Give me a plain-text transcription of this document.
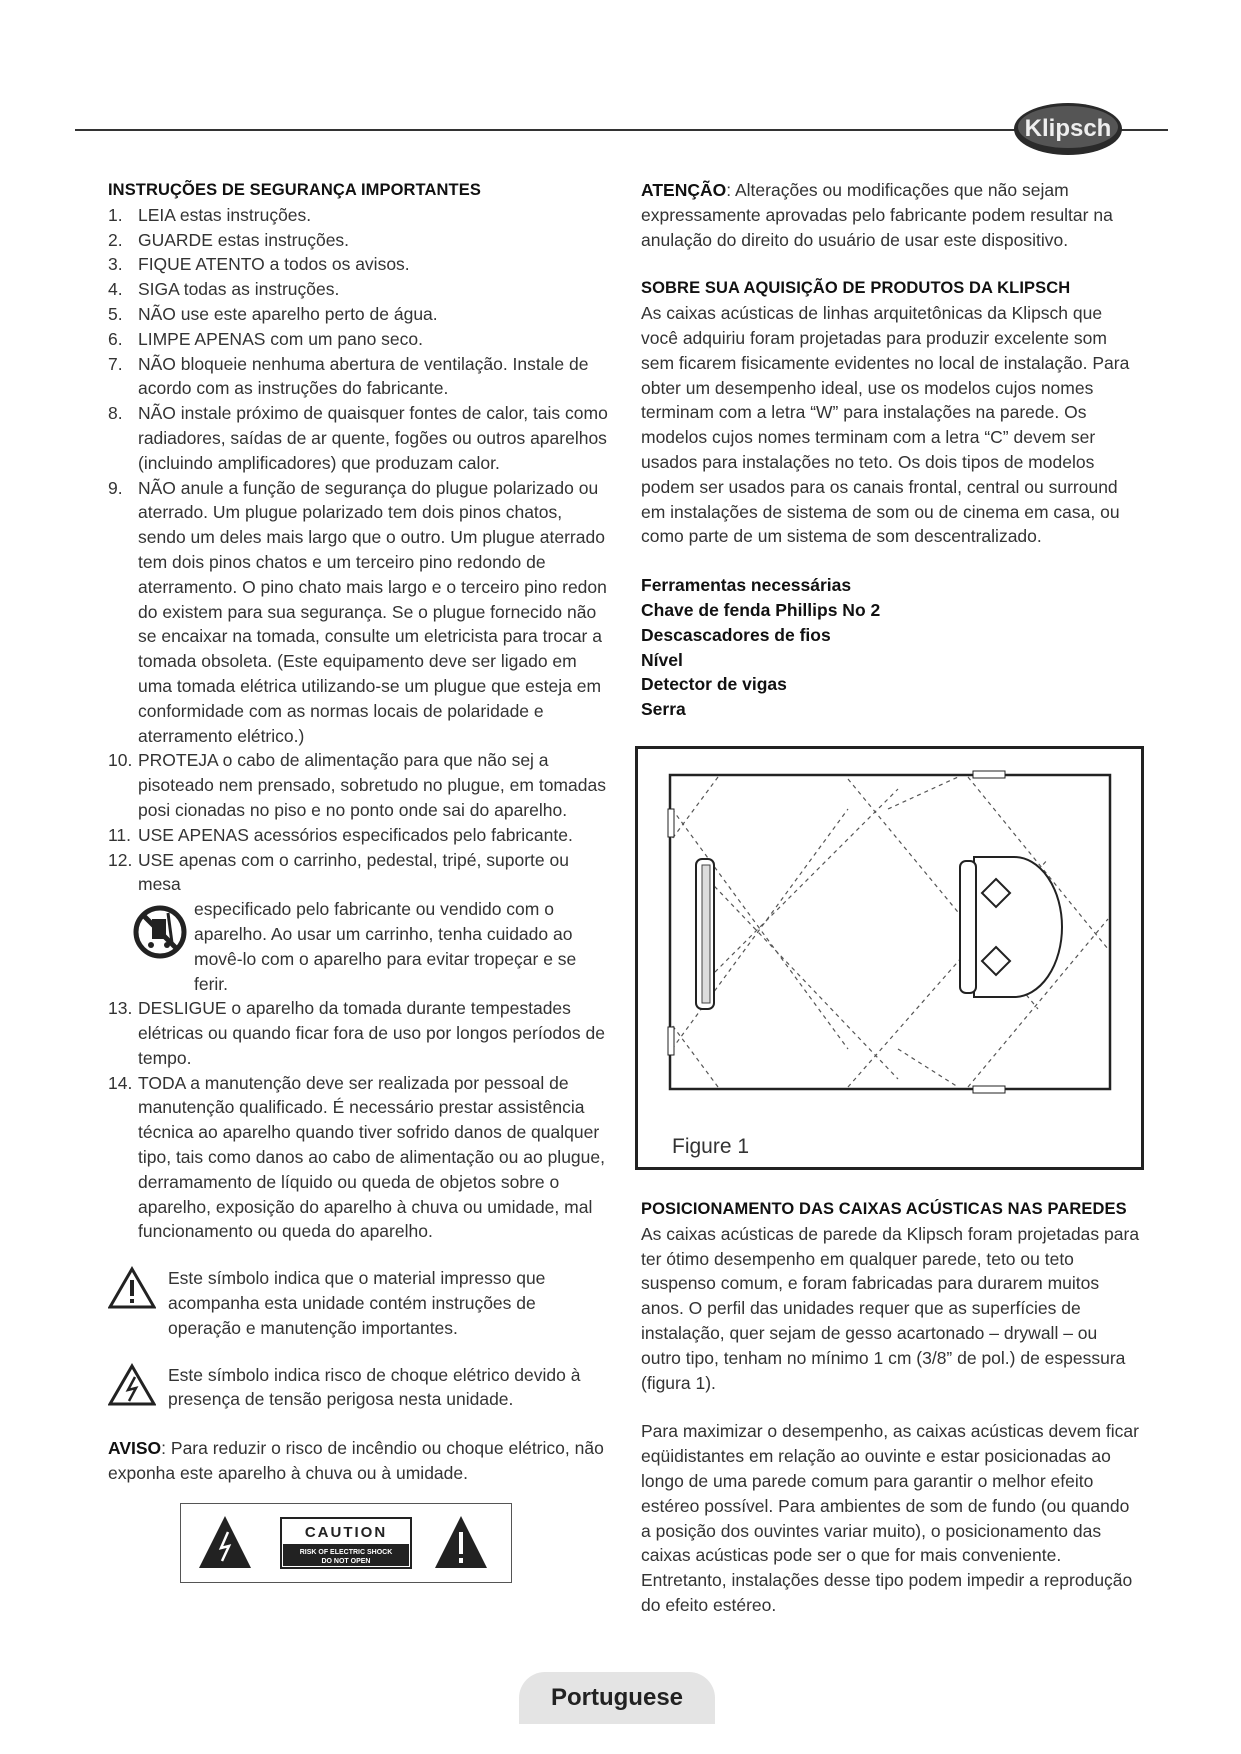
Klipsch
INSTRUÇÕES DE SEGURANÇA IMPORTANTES
1. LEIA estas instruções.
2. GUARDE estas instruções.
3. FIQUE ATENTO a todos os avisos.
4. SIGA todas as instruções.
5. NÃO use este aparelho perto de água.
6. LIMPE APENAS com um pano seco.
7. NÃO bloqueie nenhuma abertura de ventilação. Instale de acordo com as instruções do fabricante.
8. NÃO instale próximo de quaisquer fontes de calor, tais como radiadores, saídas de ar quente, fogões ou outros aparelhos (incluindo amplificadores) que produzam calor.
9. NÃO anule a função de segurança do plugue polarizado ou aterrado. Um plugue polarizado tem dois pinos chatos, sendo um deles mais largo que o outro. Um plugue aterrado tem dois pinos chatos e um terceiro pino redondo de aterramento. O pino chato mais largo e o terceiro pino redon do existem para sua segurança. Se o plugue fornecido não se encaixar na tomada, consulte um eletricista para trocar a tomada obsoleta. (Este equipamento deve ser ligado em uma tomada elétrica utilizando-se um plugue que esteja em conformidade com as normas locais de polaridade e aterramento elétrico.)
10. PROTEJA o cabo de alimentação para que não sej a pisoteado nem prensado, sobretudo no plugue, em tomadas posi cionadas no piso e no ponto onde sai do aparelho.
11. USE APENAS acessórios especificados pelo fabricante.
12. USE apenas com o carrinho, pedestal, tripé, suporte ou mesa
especificado pelo fabricante ou vendido com o aparelho. Ao usar um carrinho, tenha cuidado ao movê-lo com o aparelho para evitar tropeçar e se ferir.
13. DESLIGUE o aparelho da tomada durante tempestades elétricas ou quando ficar fora de uso por longos períodos de tempo.
14. TODA a manutenção deve ser realizada por pessoal de manutenção qualificado. É necessário prestar assistência técnica ao aparelho quando tiver sofrido danos de qualquer tipo, tais como danos ao cabo de alimentação ou ao plugue, derramamento de líquido ou queda de objetos sobre o aparelho, exposição do aparelho à chuva ou umidade, mal funcionamento ou queda do aparelho.

Este símbolo indica que o material impresso que acompanha esta unidade contém instruções de operação e manutenção importantes.

Este símbolo indica risco de choque elétrico devido à presença de tensão perigosa nesta unidade.

AVISO: Para reduzir o risco de incêndio ou choque elétrico, não exponha este aparelho à chuva ou à umidade.

CAUTION
RISK OF ELECTRIC SHOCK
DO NOT OPEN

ATENÇÃO: Alterações ou modificações que não sejam expressamente aprovadas pelo fabricante podem resultar na anulação do direito do usuário de usar este dispositivo.

SOBRE SUA AQUISIÇÃO DE PRODUTOS DA KLIPSCH

As caixas acústicas de linhas arquitetônicas da Klipsch que você adquiriu foram projetadas para produzir excelente som sem ficarem fisicamente evidentes no local de instalação. Para obter um desempenho ideal, use os modelos cujos nomes terminam com a letra “W” para instalações na parede. Os modelos cujos nomes terminam com a letra “C” devem ser usados para instalações no teto. Os dois tipos de modelos podem ser usados para os canais frontal, central ou surround em instalações de sistema de som ou de cinema em casa, ou como parte de um sistema de som descentralizado.

Ferramentas necessárias
Chave de fenda Phillips No 2
Descascadores de fios
Nível
Detector de vigas
Serra
Figure 1
POSICIONAMENTO DAS CAIXAS ACÚSTICAS NAS PAREDES

As caixas acústicas de parede da Klipsch foram projetadas para ter ótimo desempenho em qualquer parede, teto ou teto suspenso comum, e foram fabricadas para durarem muitos anos. O perfil das unidades requer que as superfícies de instalação, quer sejam de gesso acartonado – drywall – ou outro tipo, tenham no mínimo 1 cm (3/8” de pol.) de espessura (figura 1).

Para maximizar o desempenho, as caixas acústicas devem ficar eqüidistantes em relação ao ouvinte e estar posicionadas ao longo de uma parede comum para garantir o melhor efeito estéreo possível. Para ambientes de som de fundo (ou quando a posição dos ouvintes variar muito), o posicionamento das caixas acústicas pode ser o que for mais conveniente. Entretanto, instalações desse tipo podem impedir a reprodução do efeito estéreo.

Portuguese
